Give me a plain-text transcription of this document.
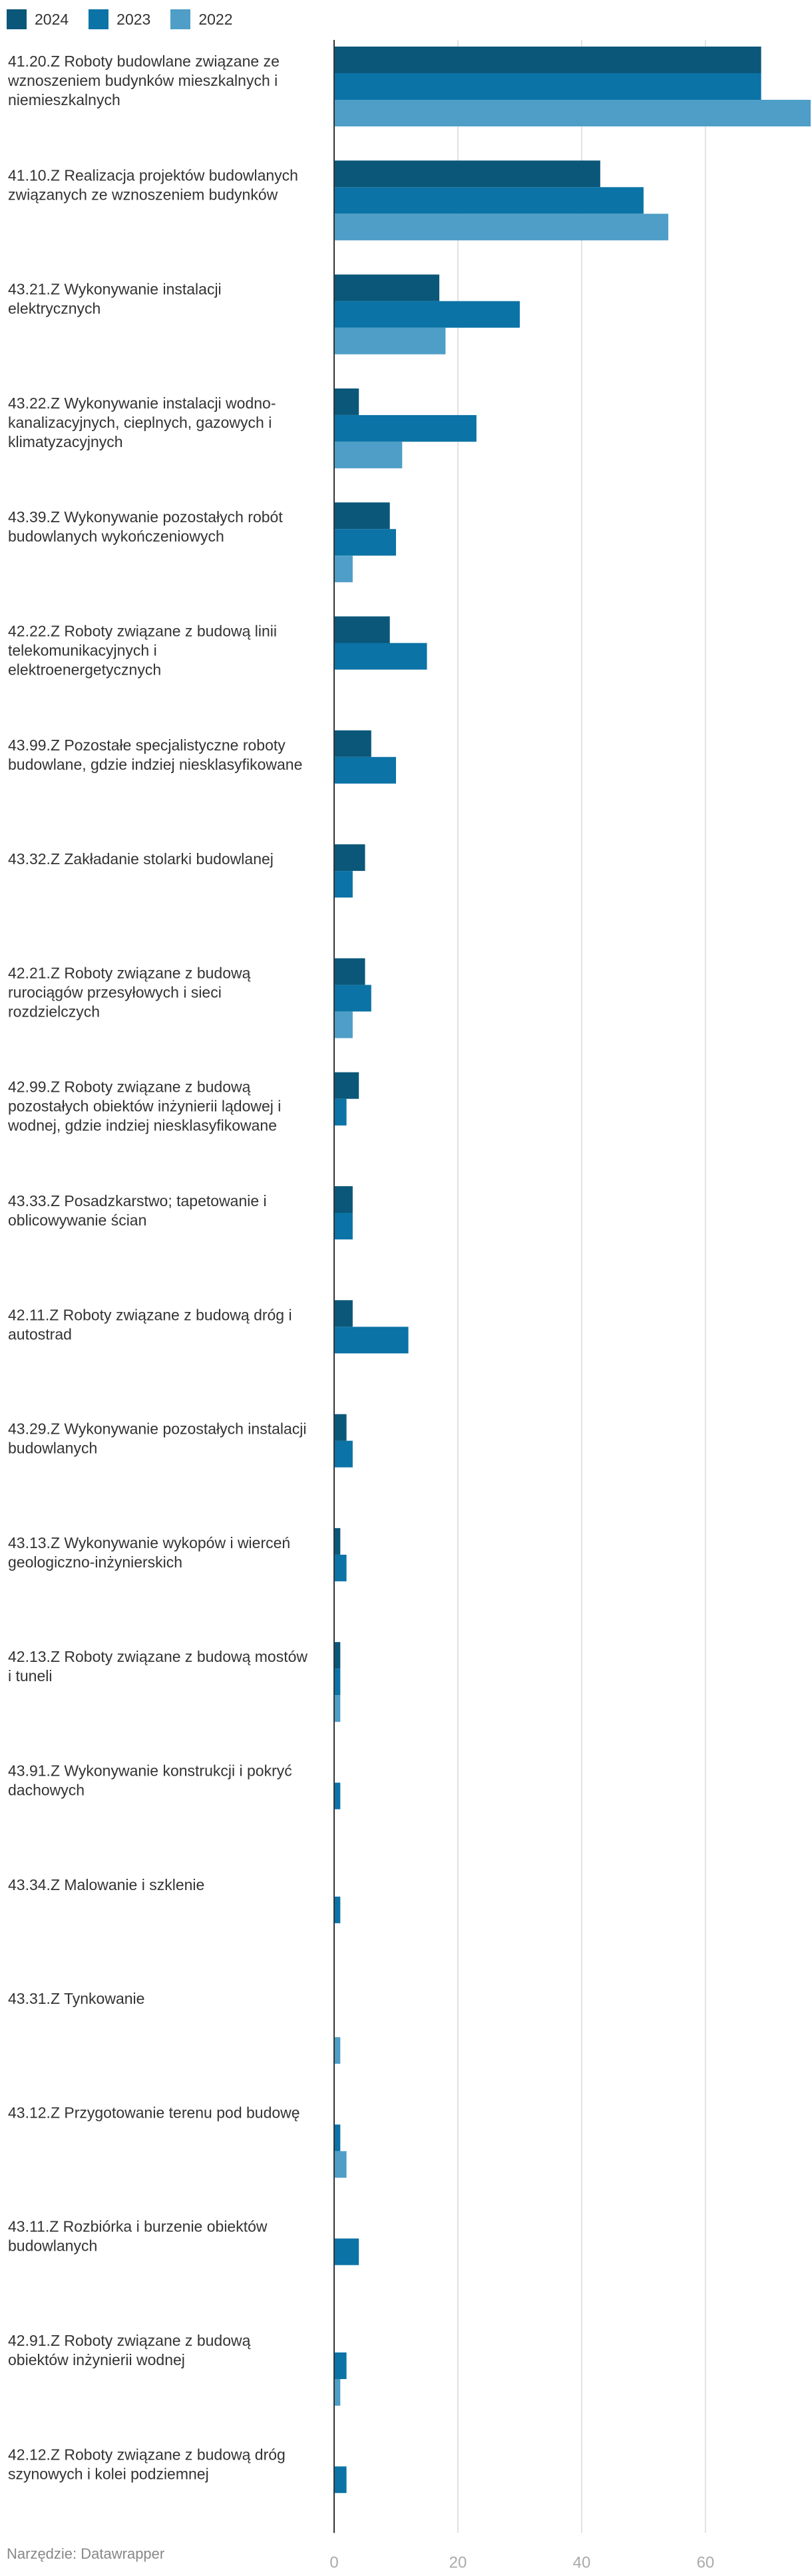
2024	2023	2022
41.20.Z Roboty budowlane związane ze wznoszeniem budynków mieszkalnych i niemieszkalnych
41.10.Z Realizacja projektów budowlanych związanych ze wznoszeniem budynków
43.21.Z Wykonywanie instalacji elektrycznych
43.22.Z Wykonywanie instalacji wodno-kanalizacyjnych, cieplnych, gazowych i klimatyzacyjnych
43.39.Z Wykonywanie pozostałych robót budowlanych wykończeniowych
42.22.Z Roboty związane z budową linii telekomunikacyjnych i elektroenergetycznych
43.99.Z Pozostałe specjalistyczne roboty budowlane, gdzie indziej niesklasyfikowane
43.32.Z Zakładanie stolarki budowlanej
42.21.Z Roboty związane z budową rurociągów przesyłowych i sieci rozdzielczych
42.99.Z Roboty związane z budową pozostałych obiektów inżynierii lądowej i wodnej, gdzie indziej niesklasyfikowane
43.33.Z Posadzkarstwo; tapetowanie i oblicowywanie ścian
42.11.Z Roboty związane z budową dróg i autostrad
43.29.Z Wykonywanie pozostałych instalacji budowlanych
43.13.Z Wykonywanie wykopów i wierceń geologiczno-inżynierskich
42.13.Z Roboty związane z budową mostów i tuneli
43.91.Z Wykonywanie konstrukcji i pokryć dachowych
43.34.Z Malowanie i szklenie
43.31.Z Tynkowanie
43.12.Z Przygotowanie terenu pod budowę
43.11.Z Rozbiórka i burzenie obiektów budowlanych
42.91.Z Roboty związane z budową obiektów inżynierii wodnej
42.12.Z Roboty związane z budową dróg szynowych i kolei podziemnej
0	20	40	60
Narzędzie: Datawrapper
